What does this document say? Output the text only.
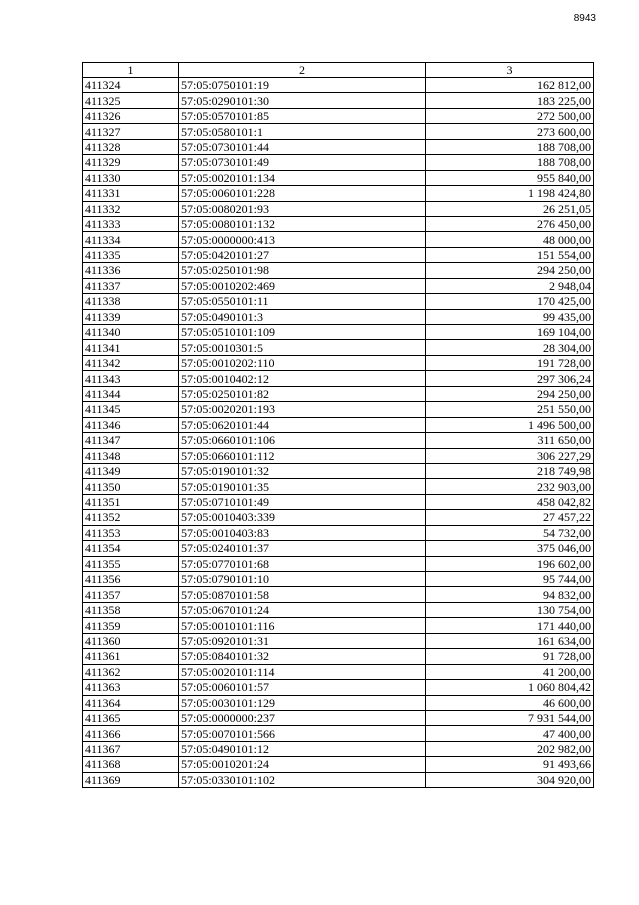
8943
1	2	3
411324	57:05:0750101:19	162 812,00
411325	57:05:0290101:30	183 225,00
411326	57:05:0570101:85	272 500,00
411327	57:05:0580101:1	273 600,00
411328	57:05:0730101:44	188 708,00
411329	57:05:0730101:49	188 708,00
411330	57:05:0020101:134	955 840,00
411331	57:05:0060101:228	1 198 424,80
411332	57:05:0080201:93	26 251,05
411333	57:05:0080101:132	276 450,00
411334	57:05:0000000:413	48 000,00
411335	57:05:0420101:27	151 554,00
411336	57:05:0250101:98	294 250,00
411337	57:05:0010202:469	2 948,04
411338	57:05:0550101:11	170 425,00
411339	57:05:0490101:3	99 435,00
411340	57:05:0510101:109	169 104,00
411341	57:05:0010301:5	28 304,00
411342	57:05:0010202:110	191 728,00
411343	57:05:0010402:12	297 306,24
411344	57:05:0250101:82	294 250,00
411345	57:05:0020201:193	251 550,00
411346	57:05:0620101:44	1 496 500,00
411347	57:05:0660101:106	311 650,00
411348	57:05:0660101:112	306 227,29
411349	57:05:0190101:32	218 749,98
411350	57:05:0190101:35	232 903,00
411351	57:05:0710101:49	458 042,82
411352	57:05:0010403:339	27 457,22
411353	57:05:0010403:83	54 732,00
411354	57:05:0240101:37	375 046,00
411355	57:05:0770101:68	196 602,00
411356	57:05:0790101:10	95 744,00
411357	57:05:0870101:58	94 832,00
411358	57:05:0670101:24	130 754,00
411359	57:05:0010101:116	171 440,00
411360	57:05:0920101:31	161 634,00
411361	57:05:0840101:32	91 728,00
411362	57:05:0020101:114	41 200,00
411363	57:05:0060101:57	1 060 804,42
411364	57:05:0030101:129	46 600,00
411365	57:05:0000000:237	7 931 544,00
411366	57:05:0070101:566	47 400,00
411367	57:05:0490101:12	202 982,00
411368	57:05:0010201:24	91 493,66
411369	57:05:0330101:102	304 920,00
